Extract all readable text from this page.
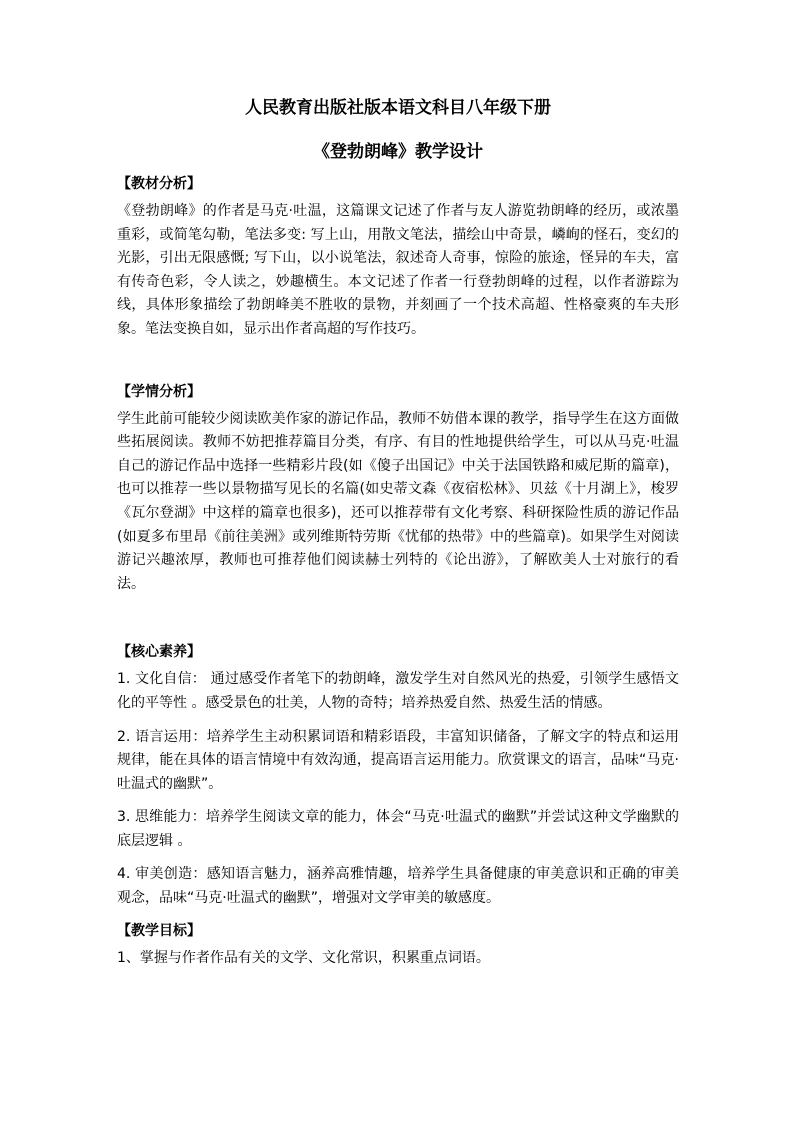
人民教育出版社版本语文科目八年级下册
《登勃朗峰》教学设计

【教材分析】

《登勃朗峰》的作者是马克·吐温，这篇课文记述了作者与友人游览勃朗峰的经历，或浓墨重彩，或简笔勾勒，笔法多变: 写上山，用散文笔法，描绘山中奇景，嶙峋的怪石，变幻的光影，引出无限感慨; 写下山，以小说笔法，叙述奇人奇事，惊险的旅途，怪异的车夫，富有传奇色彩，令人读之，妙趣横生。本文记述了作者一行登勃朗峰的过程，以作者游踪为线，具体形象描绘了勃朗峰美不胜收的景物，并刻画了一个技术高超、性格豪爽的车夫形象。笔法变换自如，显示出作者高超的写作技巧。

【学情分析】

学生此前可能较少阅读欧美作家的游记作品，教师不妨借本课的教学，指导学生在这方面做些拓展阅读。教师不妨把推荐篇目分类，有序、有目的性地提供给学生，可以从马克·吐温自己的游记作品中选择一些精彩片段(如《傻子出国记》中关于法国铁路和威尼斯的篇章)，也可以推荐一些以景物描写见长的名篇(如史蒂文森《夜宿松林》、贝兹《十月湖上》，梭罗《瓦尔登湖》中这样的篇章也很多)，还可以推荐带有文化考察、科研探险性质的游记作品(如夏多布里昂《前往美洲》或列维斯特劳斯《忧郁的热带》中的些篇章)。如果学生对阅读游记兴趣浓厚，教师也可推荐他们阅读赫士列特的《论出游》，了解欧美人士对旅行的看法。

【核心素养】

1. 文化自信： 通过感受作者笔下的勃朗峰，激发学生对自然风光的热爱，引领学生感悟文化的平等性 。感受景色的壮美，人物的奇特；培养热爱自然、热爱生活的情感。

2. 语言运用：培养学生主动积累词语和精彩语段，丰富知识储备，了解文字的特点和运用规律，能在具体的语言情境中有效沟通，提高语言运用能力。欣赏课文的语言，品味“马克·吐温式的幽默”。

3. 思维能力：培养学生阅读文章的能力，体会“马克·吐温式的幽默”并尝试这种文学幽默的底层逻辑 。

4. 审美创造：感知语言魅力，涵养高雅情趣，培养学生具备健康的审美意识和正确的审美观念，品味“马克·吐温式的幽默”，增强对文学审美的敏感度。

【教学目标】

1、掌握与作者作品有关的文学、文化常识，积累重点词语。
